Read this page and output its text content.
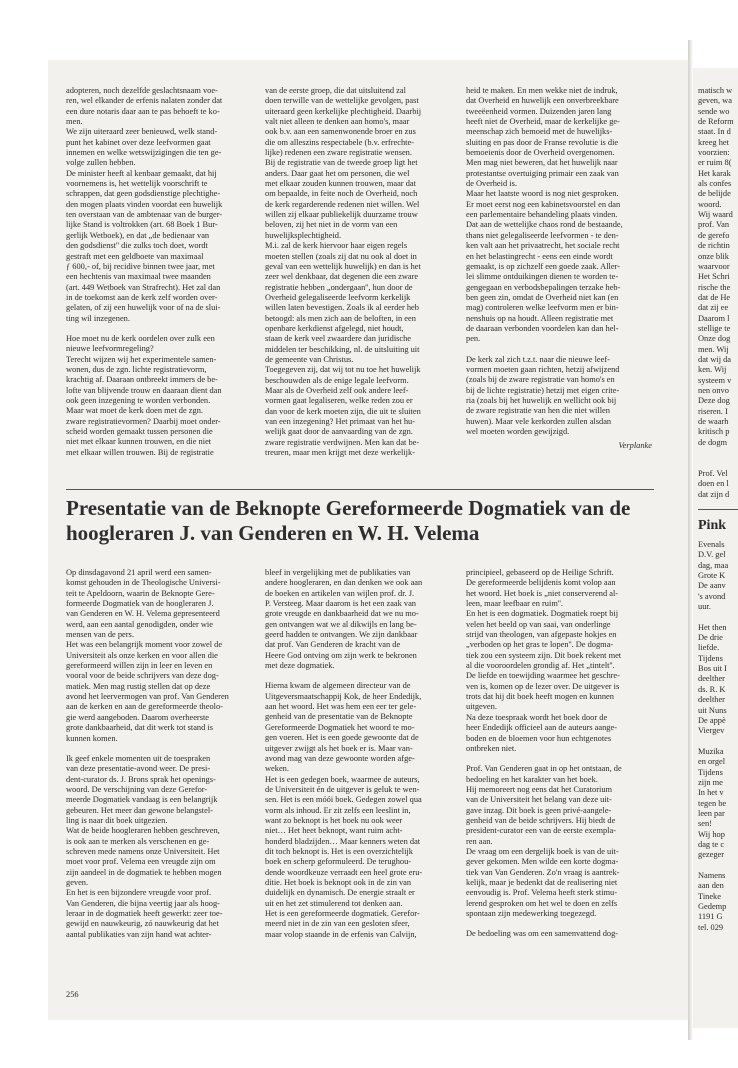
adopteren, noch dezelfde geslachtsnaam voe-
ren, wel elkander de erfenis nalaten zonder dat
een dure notaris daar aan te pas behoeft te ko-
men.
We zijn uiteraard zeer benieuwd, welk stand-
punt het kabinet over deze leefvormen gaat
innemen en welke wetswijzigingen die ten ge-
volge zullen hebben.
De minister heeft al kenbaar gemaakt, dat hij
voornemens is, het wettelijk voorschrift te
schrappen, dat geen godsdienstige plechtighe-
den mogen plaats vinden voordat een huwelijk
ten overstaan van de ambtenaar van de burger-
lijke Stand is voltrokken (art. 68 Boek 1 Bur-
gerlijk Wetboek), en dat „de bedienaar van
den godsdienst'' die zulks toch doet, wordt
gestraft met een geldboete van maximaal
ƒ 600,- of, bij recidive binnen twee jaar, met
een hechtenis van maximaal twee maanden
(art. 449 Wetboek van Strafrecht). Het zal dan
in de toekomst aan de kerk zelf worden over-
gelaten, of zij een huwelijk voor of na de slui-
ting wil inzegenen.

Hoe moet nu de kerk oordelen over zulk een
nieuwe leefvormregeling?
Terecht wijzen wij het experimentele samen-
wonen, dus de zgn. lichte registratievorm,
krachtig af. Daaraan ontbreekt immers de be-
lofte van blijvende trouw en daaraan dient dan
ook geen inzegening te worden verbonden.
Maar wat moet de kerk doen met de zgn.
zware registratievormen? Daarbij moet onder-
scheid worden gemaakt tussen personen die
niet met elkaar kunnen trouwen, en die niet
met elkaar willen trouwen. Bij de registratie

van de eerste groep, die dat uitsluitend zal
doen terwille van de wettelijke gevolgen, past
uiteraard geen kerkelijke plechtigheid. Daarbij
valt niet alleen te denken aan homo's, maar
ook b.v. aan een samenwonende broer en zus
die om alleszins respectabele (b.v. erfrechte-
lijke) redenen een zware registratie wensen.
Bij de registratie van de tweede groep ligt het
anders. Daar gaat het om personen, die wel
met elkaar zouden kunnen trouwen, maar dat
om bepaalde, in feite noch de Overheid, noch
de kerk regarderende redenen niet willen. Wel
willen zij elkaar publiekelijk duurzame trouw
beloven, zij het niet in de vorm van een
huwelijksplechtigheid.
M.i. zal de kerk hiervoor haar eigen regels
moeten stellen (zoals zij dat nu ook al doet in
geval van een wettelijk huwelijk) en dan is het
zeer wel denkbaar, dat degenen die een zware
registratie hebben „ondergaan'', hun door de
Overheid gelegaliseerde leefvorm kerkelijk
willen laten bevestigen. Zoals ik al eerder heb
betoogd: als men zich aan de beloften, in een
openbare kerkdienst afgelegd, niet houdt,
staan de kerk veel zwaardere dan juridische
middelen ter beschikking, nl. de uitsluiting uit
de gemeente van Christus.
Toegegeven zij, dat wij tot nu toe het huwelijk
beschouwden als de enige legale leefvorm.
Maar als de Overheid zelf ook andere leef-
vormen gaat legaliseren, welke reden zou er
dan voor de kerk moeten zijn, die uit te sluiten
van een inzegening? Het primaat van het hu-
welijk gaat door de aanvaarding van de zgn.
zware registratie verdwijnen. Men kan dat be-
treuren, maar men krijgt met deze werkelijk-

heid te maken. En men wekke niet de indruk,
dat Overheid en huwelijk een onverbreekbare
tweeëenheid vormen. Duizenden jaren lang
heeft niet de Overheid, maar de kerkelijke ge-
meenschap zich bemoeid met de huwelijks-
sluiting en pas door de Franse revolutie is die
bemoeienis door de Overheid overgenomen.
Men mag niet beweren, dat het huwelijk naar
protestantse overtuiging primair een zaak van
de Overheid is.
Maar het laatste woord is nog niet gesproken.
Er moet eerst nog een kabinetsvoorstel en dan
een parlementaire behandeling plaats vinden.
Dat aan de wettelijke chaos rond de bestaande,
thans niet gelegaliseerde leefvormen - te den-
ken valt aan het privaatrecht, het sociale recht
en het belastingrecht - eens een einde wordt
gemaakt, is op zichzelf een goede zaak. Aller-
lei slimme ontduikingen dienen te worden te-
gengegaan en verbodsbepalingen terzake heb-
ben geen zin, omdat de Overheid niet kan (en
mag) controleren welke leefvorm men er bin-
nenshuis op na houdt. Alleen registratie met
de daaraan verbonden voordelen kan dan hel-
pen.

De kerk zal zich t.z.t. naar die nieuwe leef-
vormen moeten gaan richten, hetzij afwijzend
(zoals bij de zware registratie van homo's en
bij de lichte registratie) hetzij met eigen crite-
ria (zoals bij het huwelijk en wellicht ook bij
de zware registratie van hen die niet willen
huwen). Maar vele kerkorden zullen alsdan
wel moeten worden gewijzigd.

Verplanke
Presentatie van de Beknopte Gereformeerde Dogmatiek van de hoogleraren J. van Genderen en W. H. Velema

Op dinsdagavond 21 april werd een samen-
komst gehouden in de Theologische Universi-
teit te Apeldoorn, waarin de Beknopte Gere-
formeerde Dogmatiek van de hoogleraren J.
van Genderen en W. H. Velema gepresenteerd
werd, aan een aantal genodigden, onder wie
mensen van de pers.
Het was een belangrijk moment voor zowel de
Universiteit als onze kerken en voor allen die
gereformeerd willen zijn in leer en leven en
vooral voor de beide schrijvers van deze dog-
matiek. Men mag rustig stellen dat op deze
avond het leervermogen van prof. Van Genderen
aan de kerken en aan de gereformeerde theolo-
gie werd aangeboden. Daarom overheerste
grote dankbaarheid, dat dit werk tot stand is
kunnen komen.

Ik geef enkele momenten uit de toespraken
van deze presentatie-avond weer. De presi-
dent-curator ds. J. Brons sprak het openings-
woord. De verschijning van deze Gerefor-
meerde Dogmatiek vandaag is een belangrijk
gebeuren. Het meer dan gewone belangstel-
ling is naar dit boek uitgezien.
Wat de beide hoogleraren hebben geschreven,
is ook aan te merken als verschenen en ge-
schreven mede namens onze Universiteit. Het
moet voor prof. Velema een vreugde zijn om
zijn aandeel in de dogmatiek te hebben mogen
geven.
En het is een bijzondere vreugde voor prof.
Van Genderen, die bijna veertig jaar als hoog-
leraar in de dogmatiek heeft gewerkt: zeer toe-
gewijd en nauwkeurig, zó nauwkeurig dat het
aantal publikaties van zijn hand wat achter-

bleef in vergelijking met de publikaties van
andere hoogleraren, en dan denken we ook aan
de boeken en artikelen van wijlen prof. dr. J.
P. Versteeg. Maar daarom is het een zaak van
grote vreugde en dankbaarheid dat we nu mo-
gen ontvangen wat we al dikwijls en lang be-
geerd hadden te ontvangen. We zijn dankbaar
dat prof. Van Genderen de kracht van de
Heere God ontving om zijn werk te bekronen
met deze dogmatiek.

Hierna kwam de algemeen directeur van de
Uitgeversmaatschappij Kok, de heer Endedijk,
aan het woord. Het was hem een eer ter gele-
genheid van de presentatie van de Beknopte
Gereformeerde Dogmatiek het woord te mo-
gen voeren. Het is een goede gewoonte dat de
uitgever zwijgt als het boek er is. Maar van-
avond mag van deze gewoonte worden afge-
weken.
Het is een gedegen boek, waarmee de auteurs,
de Universiteit én de uitgever is geluk te wen-
sen. Het is een móói boek. Gedegen zowel qua
vorm als inhoud. Er zit zelfs een leeslint in,
want zo beknopt is het boek nu ook weer
niet… Het heet beknopt, want ruim acht-
honderd bladzijden… Maar kenners weten dat
dit toch beknopt is. Het is een overzichtelijk
boek en scherp geformuleerd. De terughou-
dende woordkeuze verraadt een heel grote eru-
ditie. Het boek is beknopt ook in de zin van
duidelijk en dynamisch. De energie straalt er
uit en het zet stimulerend tot denken aan.
Het is een gereformeerde dogmatiek. Gerefor-
meerd niet in de zin van een gesloten sfeer,
maar volop staande in de erfenis van Calvijn,

principieel, gebaseerd op de Heilige Schrift.
De gereformeerde belijdenis komt volop aan
het woord. Het boek is „niet conserverend al-
leen, maar leefbaar en ruim''.
En het is een dogmatiek. Dogmatiek roept bij
velen het beeld op van saai, van onderlinge
strijd van theologen, van afgepaste hokjes en
„verboden op het gras te lopen''. De dogma-
tiek zou een systeem zijn. Dit boek rekent met
al die vooroordelen grondig af. Het „tintelt''.
De liefde en toewijding waarmee het geschre-
ven is, komen op de lezer over. De uitgever is
trots dat hij dit boek heeft mogen en kunnen
uitgeven.
Na deze toespraak wordt het boek door de
heer Endedijk officieel aan de auteurs aange-
boden en de bloemen voor hun echtgenotes
ontbreken niet.

Prof. Van Genderen gaat in op het ontstaan, de
bedoeling en het karakter van het boek.
Hij memoreert nog eens dat het Curatorium
van de Universiteit het belang van deze uit-
gave inzag. Dit boek is geen privé-aangele-
genheid van de beide schrijvers. Hij biedt de
president-curator een van de eerste exempla-
ren aan.
De vraag om een dergelijk boek is van de uit-
gever gekomen. Men wilde een korte dogma-
tiek van Van Genderen. Zo'n vraag is aantrek-
kelijk, maar je bedenkt dat de realisering niet
eenvoudig is. Prof. Velema heeft sterk stimu-
lerend gesproken om het wel te doen en zelfs
spontaan zijn medewerking toegezegd.

De bedoeling was om een samenvattend dog-

256
matisch w
geven, wa
sende wo
de Reform
staat. In d
kreeg het
voorzien:
er ruim 8(
Het karak
als confes
de belijde
woord.
Wij waard
prof. Van
de gerefo
de richtin
onze blik
waarvoor
Het Schri
rische the
dat de He
dat zij ee
Daarom l
stellige te
Onze dog
men. Wij
dat wij da
ken. Wij
systeem v
nen onvo
Deze dog
riseren. I
de waarh
kritisch p
de dogm
Prof. Vel
doen en l
dat zijn d
Pink
Evenals
D.V. gel
dag, maa
Grote K
De aanv
's avond
uur.

Het then
De drie
liefde.
Tijdens
Bos uit I
deelther
ds. R. K
deelther
uit Nuns
De appè
Viergev

Muzika
en orgel
Tijdens
zijn me
In het v
tegen be
leen par
sen!
Wij hop
dag te c
gezeger

Namens
aan den
Tineke
Gedemp
1191 G
tel. 029
